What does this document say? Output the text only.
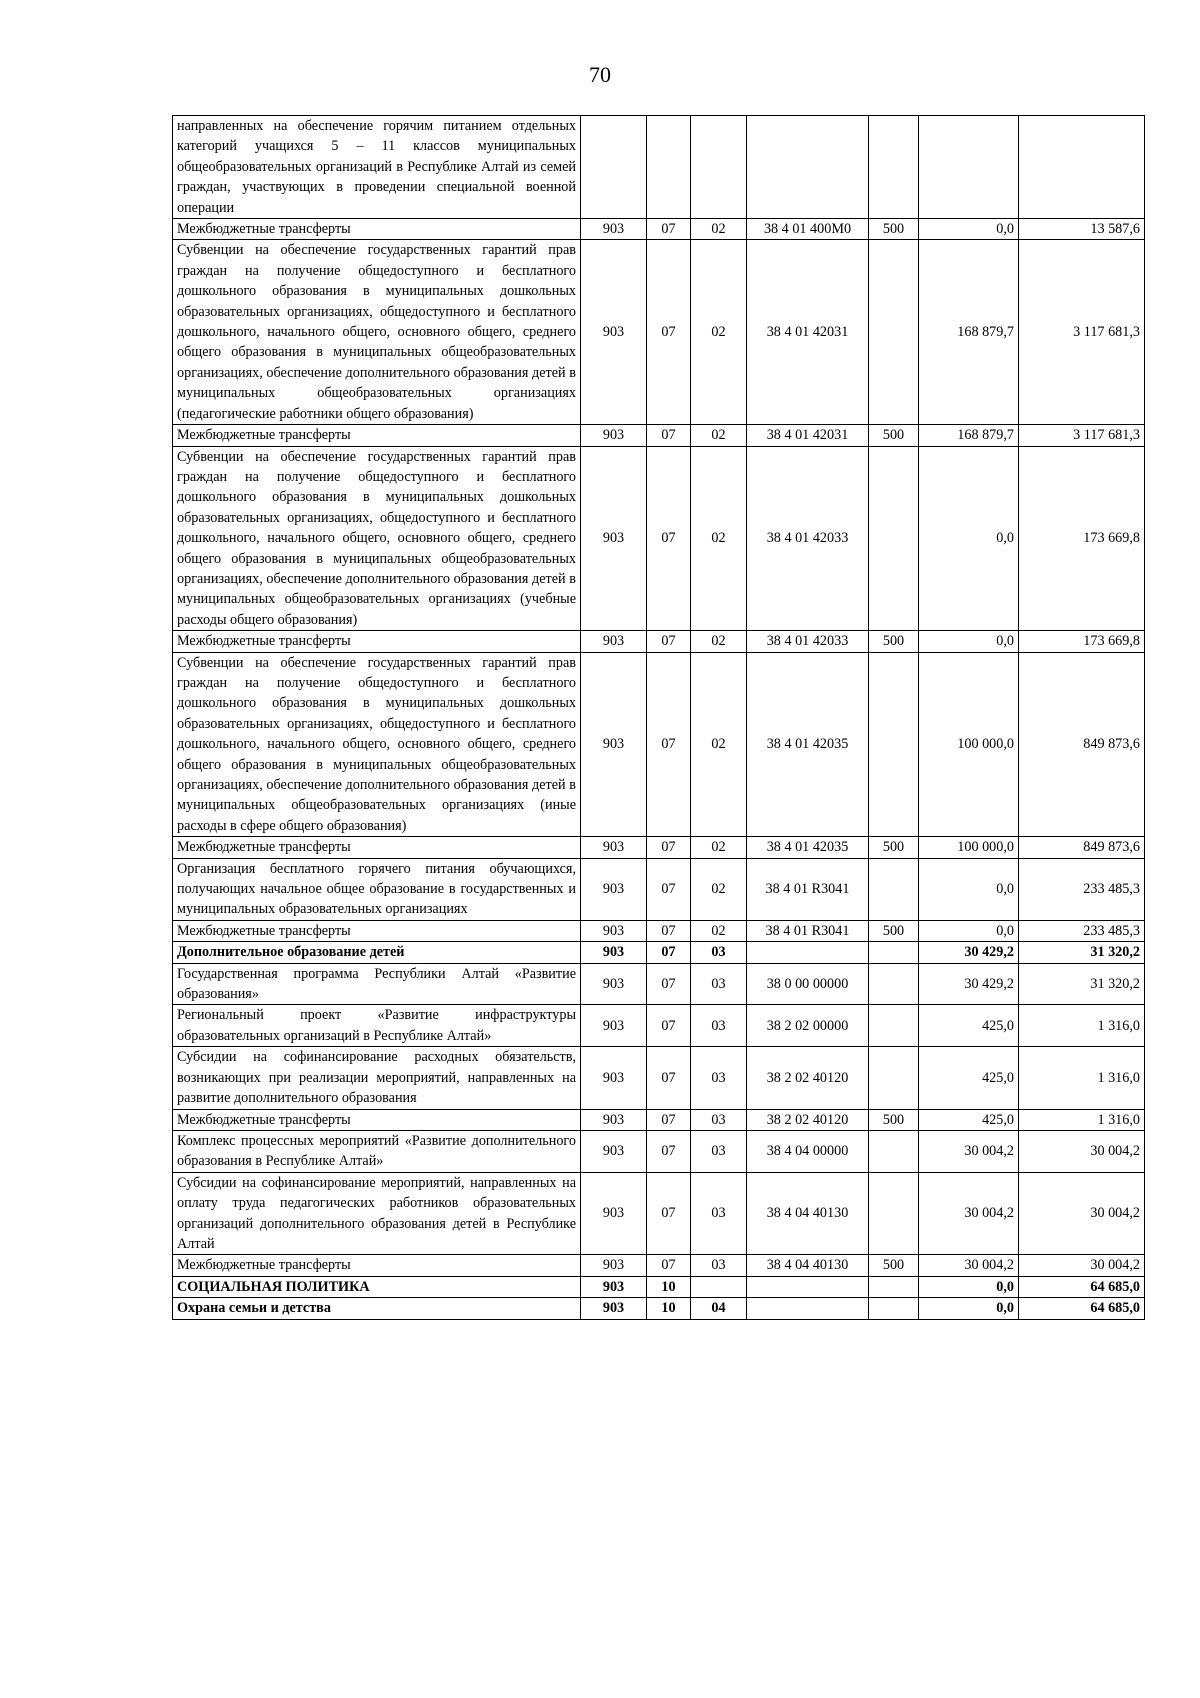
70
направленных на обеспечение горячим питанием отдельных категорий учащихся 5 – 11 классов муниципальных общеобразовательных организаций в Республике Алтай из семей граждан, участвующих в проведении специальной военной операции							
Межбюджетные трансферты	903	07	02	38 4 01 400М0	500	0,0	13 587,6
Субвенции на обеспечение государственных гарантий прав граждан на получение общедоступного и бесплатного дошкольного образования в муниципальных дошкольных образовательных организациях, общедоступного и бесплатного дошкольного, начального общего, основного общего, среднего общего образования в муниципальных общеобразовательных организациях, обеспечение дополнительного образования детей в муниципальных общеобразовательных организациях (педагогические работники общего образования)	903	07	02	38 4 01 42031		168 879,7	3 117 681,3
Межбюджетные трансферты	903	07	02	38 4 01 42031	500	168 879,7	3 117 681,3
Субвенции на обеспечение государственных гарантий прав граждан на получение общедоступного и бесплатного дошкольного образования в муниципальных дошкольных образовательных организациях, общедоступного и бесплатного дошкольного, начального общего, основного общего, среднего общего образования в муниципальных общеобразовательных организациях, обеспечение дополнительного образования детей в муниципальных общеобразовательных организациях (учебные расходы общего образования)	903	07	02	38 4 01 42033		0,0	173 669,8
Межбюджетные трансферты	903	07	02	38 4 01 42033	500	0,0	173 669,8
Субвенции на обеспечение государственных гарантий прав граждан на получение общедоступного и бесплатного дошкольного образования в муниципальных дошкольных образовательных организациях, общедоступного и бесплатного дошкольного, начального общего, основного общего, среднего общего образования в муниципальных общеобразовательных организациях, обеспечение дополнительного образования детей в муниципальных общеобразовательных организациях (иные расходы в сфере общего образования)	903	07	02	38 4 01 42035		100 000,0	849 873,6
Межбюджетные трансферты	903	07	02	38 4 01 42035	500	100 000,0	849 873,6
Организация бесплатного горячего питания обучающихся, получающих начальное общее образование в государственных и муниципальных образовательных организациях	903	07	02	38 4 01 R3041		0,0	233 485,3
Межбюджетные трансферты	903	07	02	38 4 01 R3041	500	0,0	233 485,3
Дополнительное образование детей	903	07	03			30 429,2	31 320,2
Государственная программа Республики Алтай «Развитие образования»	903	07	03	38 0 00 00000		30 429,2	31 320,2
Региональный проект «Развитие инфраструктуры образовательных организаций в Республике Алтай»	903	07	03	38 2 02 00000		425,0	1 316,0
Субсидии на софинансирование расходных обязательств, возникающих при реализации мероприятий, направленных на развитие дополнительного образования	903	07	03	38 2 02 40120		425,0	1 316,0
Межбюджетные трансферты	903	07	03	38 2 02 40120	500	425,0	1 316,0
Комплекс процессных мероприятий «Развитие дополнительного образования в Республике Алтай»	903	07	03	38 4 04 00000		30 004,2	30 004,2
Субсидии на софинансирование мероприятий, направленных на оплату труда педагогических работников образовательных организаций дополнительного образования детей в Республике Алтай	903	07	03	38 4 04 40130		30 004,2	30 004,2
Межбюджетные трансферты	903	07	03	38 4 04 40130	500	30 004,2	30 004,2
СОЦИАЛЬНАЯ ПОЛИТИКА	903	10				0,0	64 685,0
Охрана семьи и детства	903	10	04			0,0	64 685,0
